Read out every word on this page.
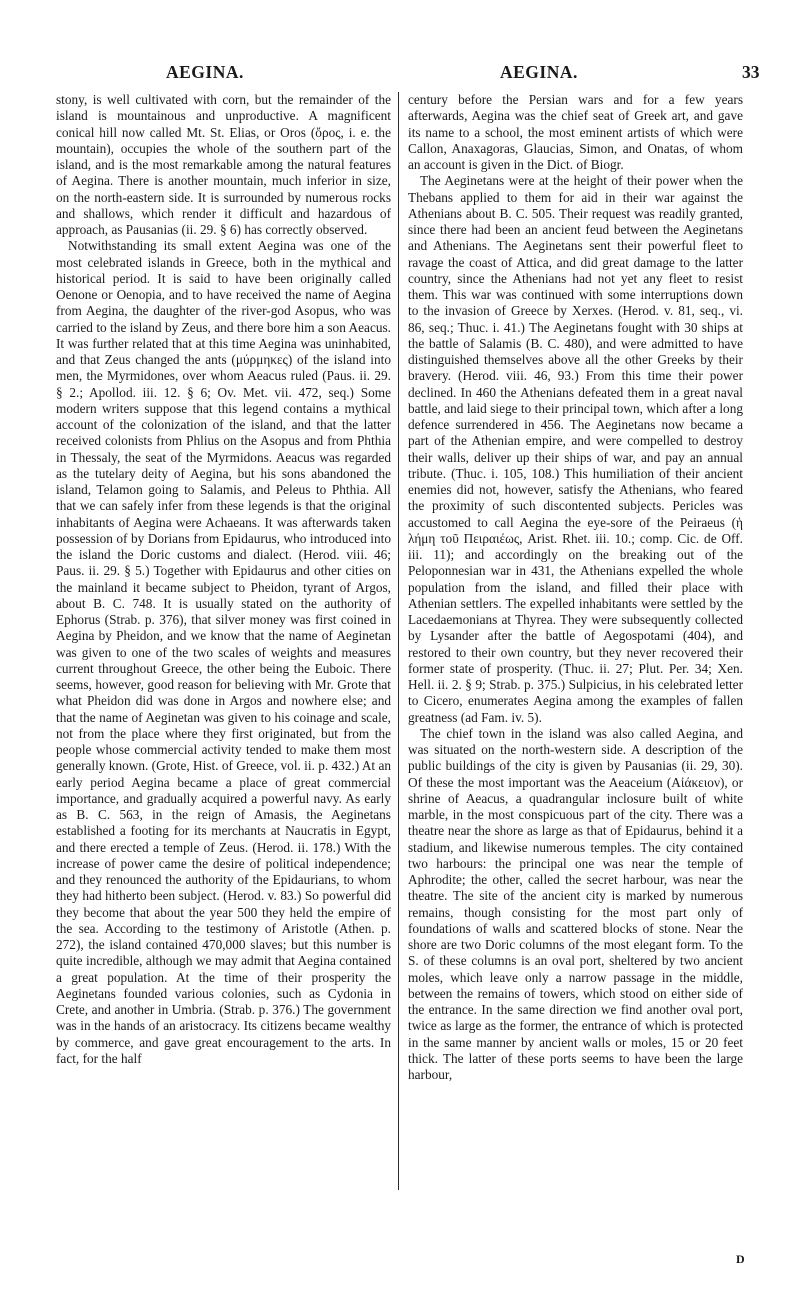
AEGINA.	AEGINA.	33

stony, is well cultivated with corn, but the remainder of the island is mountainous and unproductive. A magnificent conical hill now called Mt. St. Elias, or Oros (ὄρος, i. e. the mountain), occupies the whole of the southern part of the island, and is the most remarkable among the natural features of Aegina. There is another mountain, much inferior in size, on the north-eastern side. It is surrounded by numerous rocks and shallows, which render it difficult and hazardous of approach, as Pausanias (ii. 29. § 6) has correctly observed.

Notwithstanding its small extent Aegina was one of the most celebrated islands in Greece, both in the mythical and historical period. It is said to have been originally called Oenone or Oenopia, and to have received the name of Aegina from Aegina, the daughter of the river-god Asopus, who was carried to the island by Zeus, and there bore him a son Aeacus. It was further related that at this time Aegina was uninhabited, and that Zeus changed the ants (μύρμηκες) of the island into men, the Myrmidones, over whom Aeacus ruled (Paus. ii. 29. § 2.; Apollod. iii. 12. § 6; Ov. Met. vii. 472, seq.) Some modern writers suppose that this legend contains a mythical account of the colonization of the island, and that the latter received colonists from Phlius on the Asopus and from Phthia in Thessaly, the seat of the Myrmidons. Aeacus was regarded as the tutelary deity of Aegina, but his sons abandoned the island, Telamon going to Salamis, and Peleus to Phthia. All that we can safely infer from these legends is that the original inhabitants of Aegina were Achaeans. It was afterwards taken possession of by Dorians from Epidaurus, who introduced into the island the Doric customs and dialect. (Herod. viii. 46; Paus. ii. 29. § 5.) Together with Epidaurus and other cities on the mainland it became subject to Pheidon, tyrant of Argos, about B. C. 748. It is usually stated on the authority of Ephorus (Strab. p. 376), that silver money was first coined in Aegina by Pheidon, and we know that the name of Aeginetan was given to one of the two scales of weights and measures current throughout Greece, the other being the Euboic. There seems, however, good reason for believing with Mr. Grote that what Pheidon did was done in Argos and nowhere else; and that the name of Aeginetan was given to his coinage and scale, not from the place where they first originated, but from the people whose commercial activity tended to make them most generally known. (Grote, Hist. of Greece, vol. ii. p. 432.) At an early period Aegina became a place of great commercial importance, and gradually acquired a powerful navy. As early as B. C. 563, in the reign of Amasis, the Aeginetans established a footing for its merchants at Naucratis in Egypt, and there erected a temple of Zeus. (Herod. ii. 178.) With the increase of power came the desire of political independence; and they renounced the authority of the Epidaurians, to whom they had hitherto been subject. (Herod. v. 83.) So powerful did they become that about the year 500 they held the empire of the sea. According to the testimony of Aristotle (Athen. p. 272), the island contained 470,000 slaves; but this number is quite incredible, although we may admit that Aegina contained a great population. At the time of their prosperity the Aeginetans founded various colonies, such as Cydonia in Crete, and another in Umbria. (Strab. p. 376.) The government was in the hands of an aristocracy. Its citizens became wealthy by commerce, and gave great encouragement to the arts. In fact, for the half

century before the Persian wars and for a few years afterwards, Aegina was the chief seat of Greek art, and gave its name to a school, the most eminent artists of which were Callon, Anaxagoras, Glaucias, Simon, and Onatas, of whom an account is given in the Dict. of Biogr.

The Aeginetans were at the height of their power when the Thebans applied to them for aid in their war against the Athenians about B. C. 505. Their request was readily granted, since there had been an ancient feud between the Aeginetans and Athenians. The Aeginetans sent their powerful fleet to ravage the coast of Attica, and did great damage to the latter country, since the Athenians had not yet any fleet to resist them. This war was continued with some interruptions down to the invasion of Greece by Xerxes. (Herod. v. 81, seq., vi. 86, seq.; Thuc. i. 41.) The Aeginetans fought with 30 ships at the battle of Salamis (B. C. 480), and were admitted to have distinguished themselves above all the other Greeks by their bravery. (Herod. viii. 46, 93.) From this time their power declined. In 460 the Athenians defeated them in a great naval battle, and laid siege to their principal town, which after a long defence surrendered in 456. The Aeginetans now became a part of the Athenian empire, and were compelled to destroy their walls, deliver up their ships of war, and pay an annual tribute. (Thuc. i. 105, 108.) This humiliation of their ancient enemies did not, however, satisfy the Athenians, who feared the proximity of such discontented subjects. Pericles was accustomed to call Aegina the eye-sore of the Peiraeus (ἡ λήμη τοῦ Πειραιέως, Arist. Rhet. iii. 10.; comp. Cic. de Off. iii. 11); and accordingly on the breaking out of the Peloponnesian war in 431, the Athenians expelled the whole population from the island, and filled their place with Athenian settlers. The expelled inhabitants were settled by the Lacedaemonians at Thyrea. They were subsequently collected by Lysander after the battle of Aegospotami (404), and restored to their own country, but they never recovered their former state of prosperity. (Thuc. ii. 27; Plut. Per. 34; Xen. Hell. ii. 2. § 9; Strab. p. 375.) Sulpicius, in his celebrated letter to Cicero, enumerates Aegina among the examples of fallen greatness (ad Fam. iv. 5).

The chief town in the island was also called Aegina, and was situated on the north-western side. A description of the public buildings of the city is given by Pausanias (ii. 29, 30). Of these the most important was the Aeaceium (Αἰάκειον), or shrine of Aeacus, a quadrangular inclosure built of white marble, in the most conspicuous part of the city. There was a theatre near the shore as large as that of Epidaurus, behind it a stadium, and likewise numerous temples. The city contained two harbours: the principal one was near the temple of Aphrodite; the other, called the secret harbour, was near the theatre. The site of the ancient city is marked by numerous remains, though consisting for the most part only of foundations of walls and scattered blocks of stone. Near the shore are two Doric columns of the most elegant form. To the S. of these columns is an oval port, sheltered by two ancient moles, which leave only a narrow passage in the middle, between the remains of towers, which stood on either side of the entrance. In the same direction we find another oval port, twice as large as the former, the entrance of which is protected in the same manner by ancient walls or moles, 15 or 20 feet thick. The latter of these ports seems to have been the large harbour,

D
